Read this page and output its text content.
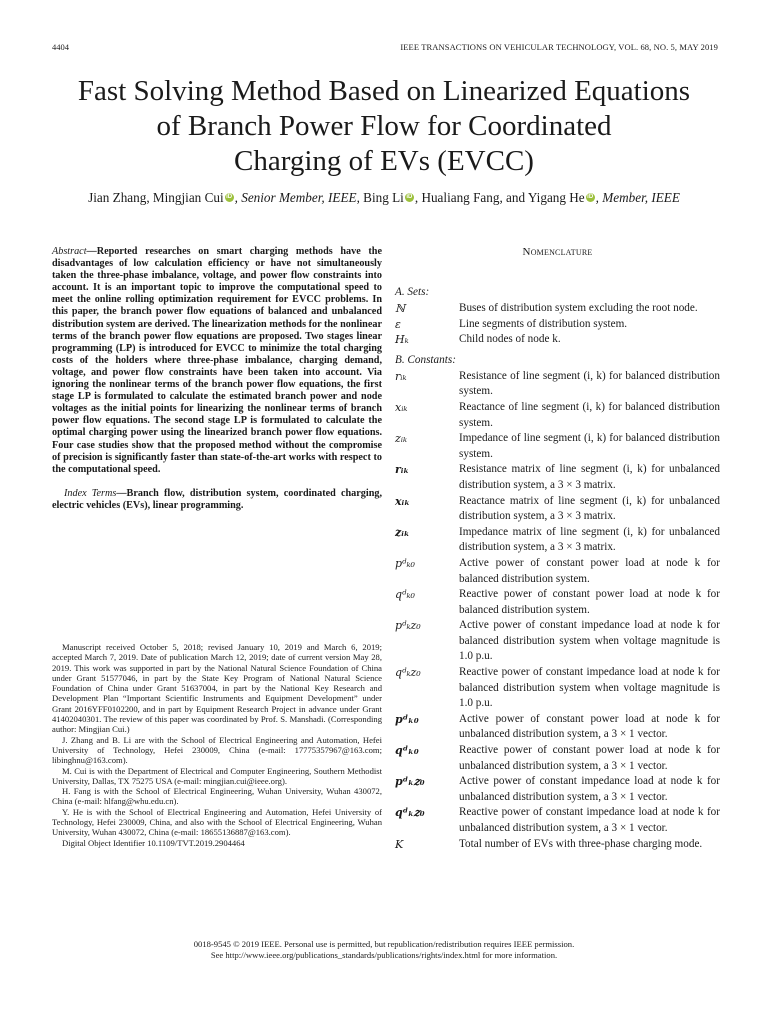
4404	IEEE TRANSACTIONS ON VEHICULAR TECHNOLOGY, VOL. 68, NO. 5, MAY 2019
Fast Solving Method Based on Linearized Equations
of Branch Power Flow for Coordinated
Charging of EVs (EVCC)
Jian Zhang, Mingjian Cui iD , Senior Member, IEEE, Bing Li iD , Hualiang Fang, and Yigang He iD , Member, IEEE

Abstract—Reported researches on smart charging methods have the disadvantages of low calculation efficiency or have not simultaneously taken the three-phase imbalance, voltage, and power flow constraints into account. It is an important topic to improve the computational speed to meet the online rolling optimization requirement for EVCC problems. In this paper, the branch power flow equations of balanced and unbalanced distribution system are derived. The linearization methods for the nonlinear terms of the branch power flow equations are proposed. Two stages linear programming (LP) is introduced for EVCC to minimize the total charging costs of the holders where three-phase imbalance, charging demand, voltage, and power flow constraints have been taken into account. Via ignoring the nonlinear terms of the branch power flow equations, the first stage LP is formulated to calculate the estimated branch power and node voltages as the initial points for linearizing the nonlinear terms of branch power flow equations. The second stage LP is formulated to calculate the optimal charging power using the linearized branch power flow equations. Four case studies show that the proposed method without the compromise of precision is significantly faster than state-of-the-art works with respect to the computational speed.

Index Terms—Branch flow, distribution system, coordinated charging, electric vehicles (EVs), linear programming.

Manuscript received October 5, 2018; revised January 10, 2019 and March 6, 2019; accepted March 7, 2019. Date of publication March 12, 2019; date of current version May 28, 2019. This work was supported in part by the National Natural Science Foundation of China under Grant 51577046, in part by the State Key Program of National Natural Science Foundation of China under Grant 51637004, in part by the National Key Research and Development Plan “Important Scientific Instruments and Equipment Development” under Grant 2016YFF0102200, and in part by Equipment Research Project in advance under Grant 41402040301. The review of this paper was coordinated by Prof. S. Manshadi. (Corresponding author: Mingjian Cui.)

J. Zhang and B. Li are with the School of Electrical Engineering and Automation, Hefei University of Technology, Hefei 230009, China (e-mail: 17775357967@163.com; libinghnu@163.com).

M. Cui is with the Department of Electrical and Computer Engineering, Southern Methodist University, Dallas, TX 75275 USA (e-mail: mingjian.cui@ieee.org).

H. Fang is with the School of Electrical Engineering, Wuhan University, Wuhan 430072, China (e-mail: hlfang@whu.edu.cn).

Y. He is with the School of Electrical Engineering and Automation, Hefei University of Technology, Hefei 230009, China, and also with the School of Electrical Engineering, Wuhan University, Wuhan 430072, China (e-mail: 18655136887@163.com).

Digital Object Identifier 10.1109/TVT.2019.2904464

Nomenclature
A. Sets:
ℕ	Buses of distribution system excluding the root node.
ε	Line segments of distribution system.
Hₖ	Child nodes of node k.
B. Constants:
rᵢₖ	Resistance of line segment (i, k) for balanced distribution system.
xᵢₖ	Reactance of line segment (i, k) for balanced distribution system.
zᵢₖ	Impedance of line segment (i, k) for balanced distribution system.
rᵢₖ	Resistance matrix of line segment (i, k) for unbalanced distribution system, a 3 × 3 matrix.
xᵢₖ	Reactance matrix of line segment (i, k) for unbalanced distribution system, a 3 × 3 matrix.
zᵢₖ	Impedance matrix of line segment (i, k) for unbalanced distribution system, a 3 × 3 matrix.
pᵈₖ₀	Active power of constant power load at node k for balanced distribution system.
qᵈₖ₀	Reactive power of constant power load at node k for balanced distribution system.
pᵈₖ𝑧₀	Active power of constant impedance load at node k for balanced distribution system when voltage magnitude is 1.0 p.u.
qᵈₖ𝑧₀	Reactive power of constant impedance load at node k for balanced distribution system when voltage magnitude is 1.0 p.u.
pᵈₖ₀	Active power of constant power load at node k for unbalanced distribution system, a 3 × 1 vector.
qᵈₖ₀	Reactive power of constant power load at node k for unbalanced distribution system, a 3 × 1 vector.
pᵈₖ𝑧₀	Active power of constant impedance load at node k for unbalanced distribution system, a 3 × 1 vector.
qᵈₖ𝑧₀	Reactive power of constant impedance load at node k for unbalanced distribution system, a 3 × 1 vector.
K	Total number of EVs with three-phase charging mode.
0018-9545 © 2019 IEEE. Personal use is permitted, but republication/redistribution requires IEEE permission.
See http://www.ieee.org/publications_standards/publications/rights/index.html for more information.
